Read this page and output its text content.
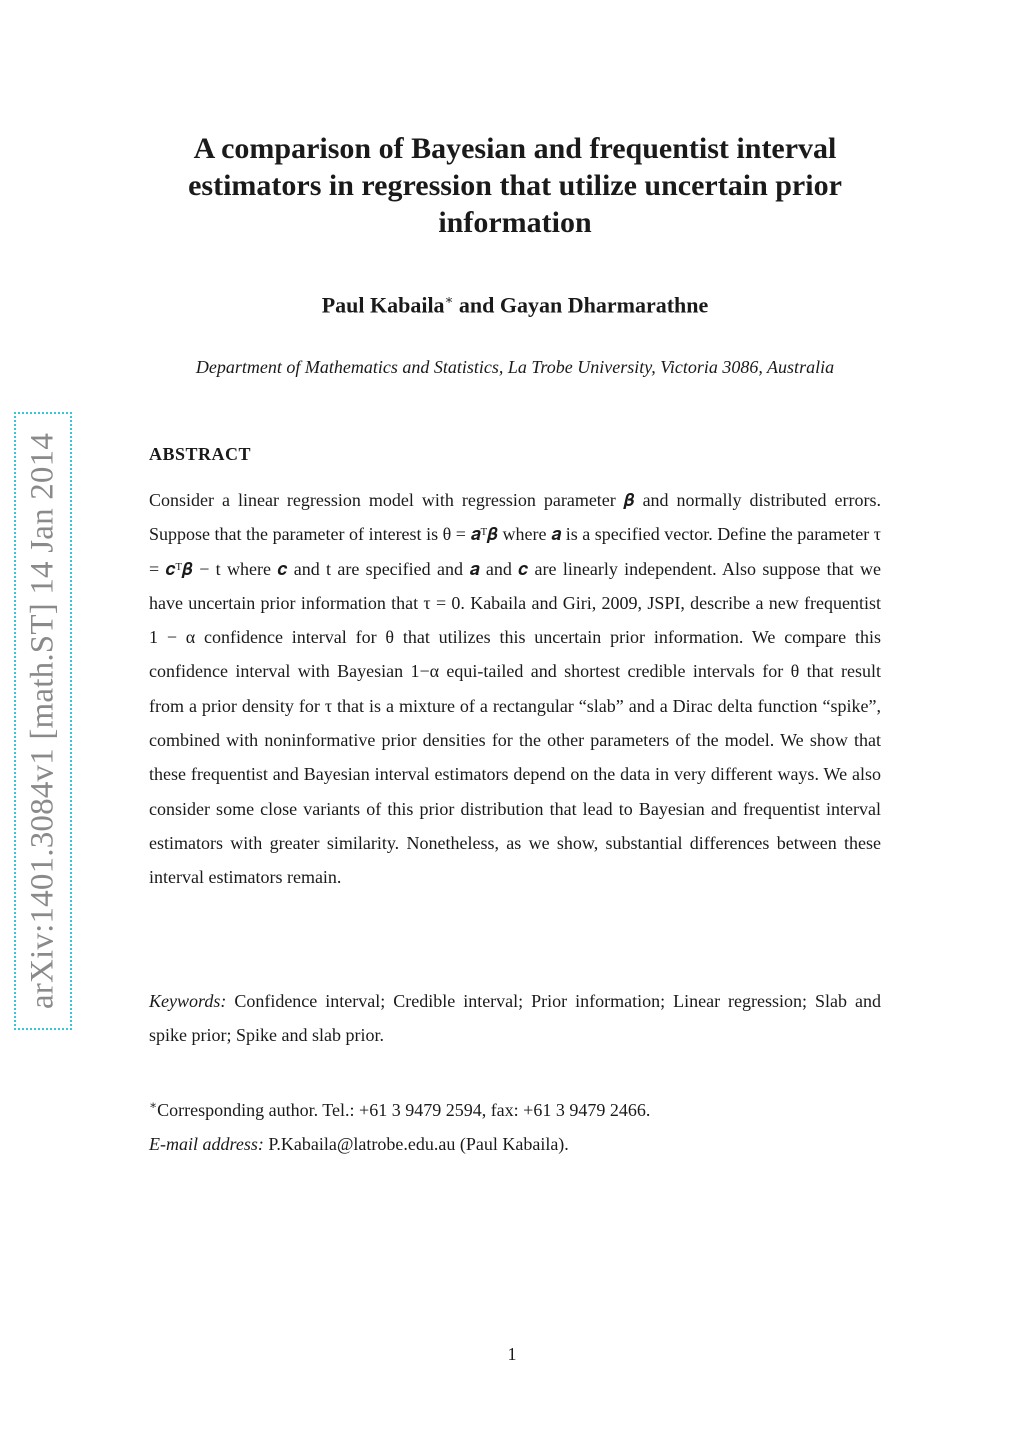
arXiv:1401.3084v1 [math.ST] 14 Jan 2014
A comparison of Bayesian and frequentist interval estimators in regression that utilize uncertain prior information
Paul Kabaila∗ and Gayan Dharmarathne
Department of Mathematics and Statistics, La Trobe University, Victoria 3086, Australia
ABSTRACT

Consider a linear regression model with regression parameter 𝜷 and normally distributed errors. Suppose that the parameter of interest is θ = 𝒂ᵀ𝜷 where 𝒂 is a specified vector. Define the parameter τ = 𝒄ᵀ𝜷 − t where 𝒄 and t are specified and 𝒂 and 𝒄 are linearly independent. Also suppose that we have uncertain prior information that τ = 0. Kabaila and Giri, 2009, JSPI, describe a new frequentist 1 − α confidence interval for θ that utilizes this uncertain prior information. We compare this confidence interval with Bayesian 1−α equi-tailed and shortest credible intervals for θ that result from a prior density for τ that is a mixture of a rectangular “slab” and a Dirac delta function “spike”, combined with noninformative prior densities for the other parameters of the model. We show that these frequentist and Bayesian interval estimators depend on the data in very different ways. We also consider some close variants of this prior distribution that lead to Bayesian and frequentist interval estimators with greater similarity. Nonetheless, as we show, substantial differences between these interval estimators remain.

Keywords: Confidence interval; Credible interval; Prior information; Linear regression; Slab and spike prior; Spike and slab prior.

∗Corresponding author. Tel.: +61 3 9479 2594, fax: +61 3 9479 2466.
E-mail address: P.Kabaila@latrobe.edu.au (Paul Kabaila).
1
